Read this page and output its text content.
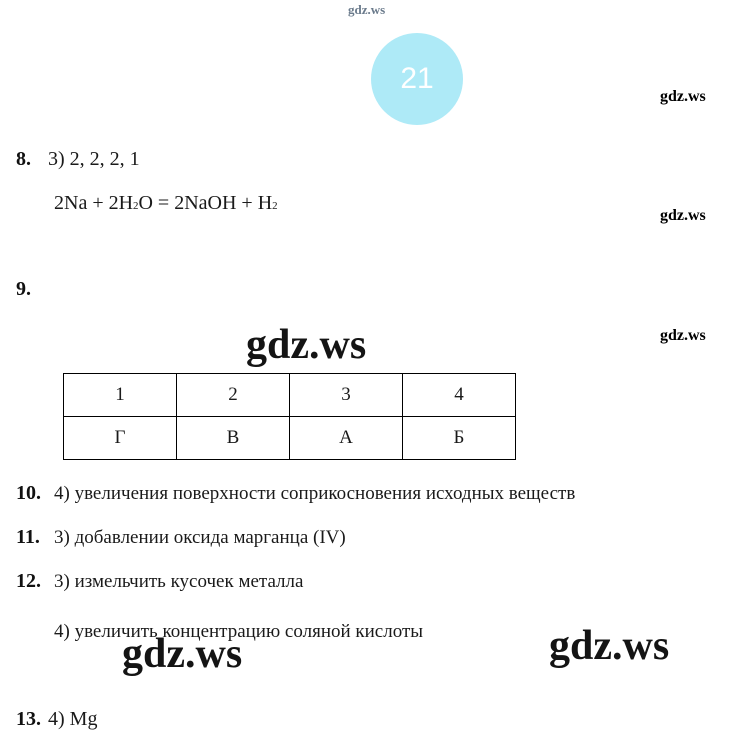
gdz.ws
gdz.ws
gdz.ws
gdz.ws
gdz.ws
gdz.ws	gdz.ws
21
8. 3) 2, 2, 2, 1
2Na + 2H 2 O = 2NaOH + H 2
9.
1	2	3	4
Г	В	А	Б
10. 4) увеличения поверхности соприкосновения исходных веществ
11. 3) добавлении оксида марганца (IV)
12. 3) измельчить кусочек металла
4) увеличить концентрацию соляной кислоты
13. 4) Mg
